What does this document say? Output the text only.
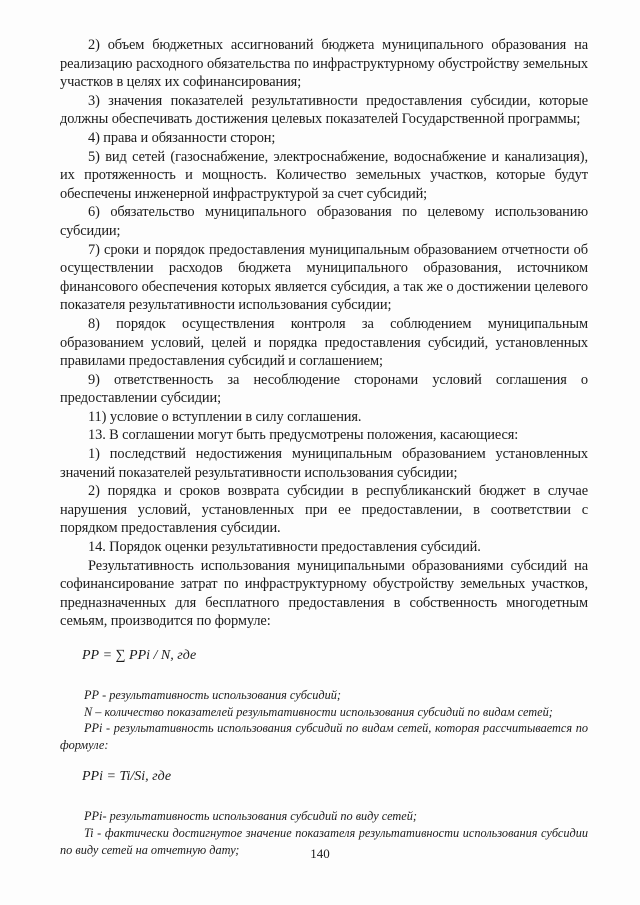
2) объем бюджетных ассигнований бюджета муниципального образования на реализацию расходного обязательства по инфраструктурному обустройству земельных участков в целях их софинансирования;

3) значения показателей результативности предоставления субсидии, которые должны обеспечивать достижения целевых показателей Государственной программы;

4) права и обязанности сторон;

5) вид сетей (газоснабжение, электроснабжение, водоснабжение и канализация), их протяженность и мощность. Количество земельных участков, которые будут обеспечены инженерной инфраструктурой за счет субсидий;

6) обязательство муниципального образования по целевому использованию субсидии;

7) сроки и порядок предоставления муниципальным образованием отчетности об осуществлении расходов бюджета муниципального образования, источником финансового обеспечения которых является субсидия, а так же о достижении целевого показателя результативности использования субсидии;

8) порядок осуществления контроля за соблюдением муниципальным образованием условий, целей и порядка предоставления субсидий, установленных правилами предоставления субсидий и соглашением;

9) ответственность за несоблюдение сторонами условий соглашения о предоставлении субсидии;

11) условие о вступлении в силу соглашения.

13. В соглашении могут быть предусмотрены положения, касающиеся:

1) последствий недостижения муниципальным образованием установленных значений показателей результативности использования субсидии;

2) порядка и сроков возврата субсидии в республиканский бюджет в случае нарушения условий, установленных при ее предоставлении, в соответствии с порядком предоставления субсидии.

14. Порядок оценки результативности предоставления субсидий.

Результативность использования муниципальными образованиями субсидий на софинансирование затрат по инфраструктурному обустройству земельных участков, предназначенных для бесплатного предоставления в собственность многодетным семьям, производится по формуле:

РР = ∑ PPi / N, где

РР - результативность использования субсидий;

N – количество показателей результативности использования субсидий по видам сетей;

PPi - результативность использования субсидий по видам сетей, которая рассчитывается по формуле:

PPi = Ti/Si, где

PPi- результативность использования субсидий по виду сетей;

Ti - фактически достигнутое значение показателя результативности использования субсидии по виду сетей на отчетную дату;	140
